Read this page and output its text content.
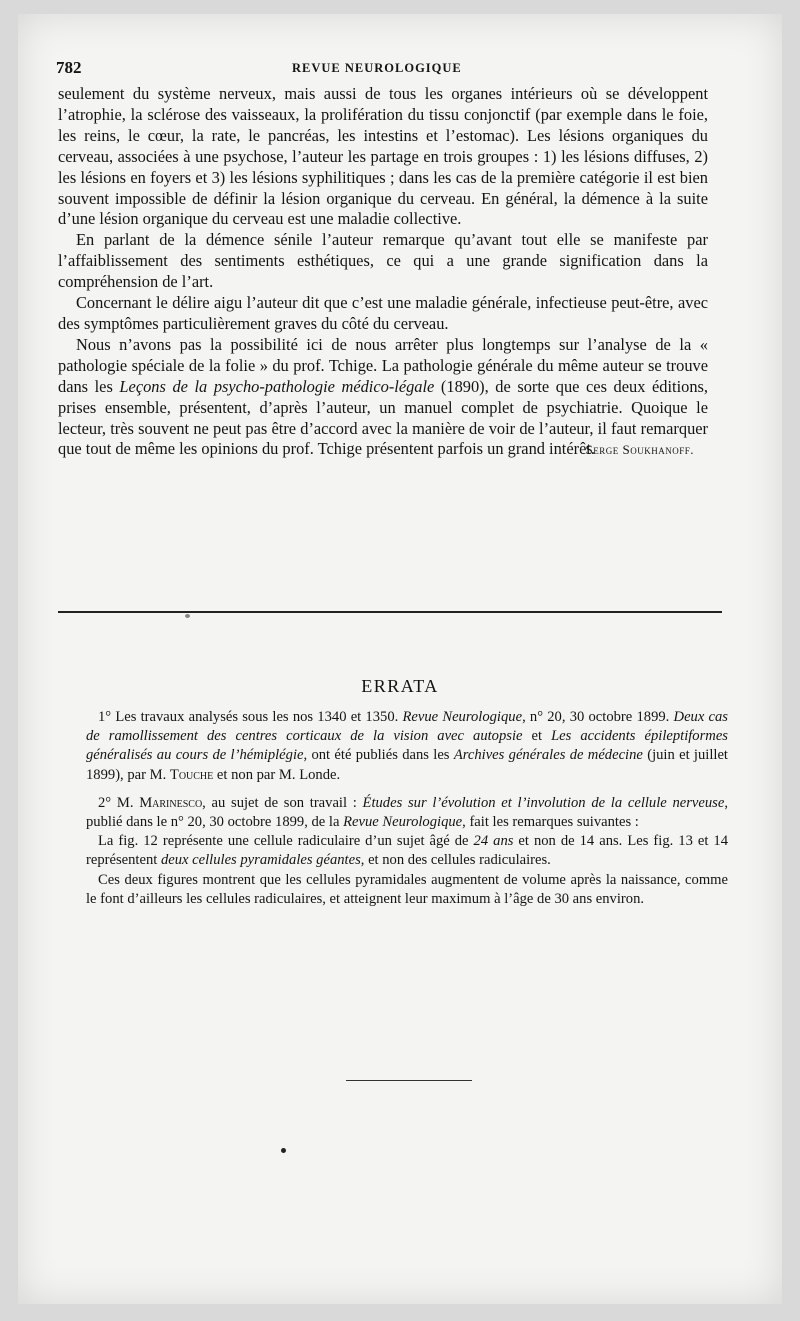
782	REVUE NEUROLOGIQUE

seulement du système nerveux, mais aussi de tous les organes intérieurs où se développent l’atrophie, la sclérose des vaisseaux, la prolifération du tissu conjonctif (par exemple dans le foie, les reins, le cœur, la rate, le pancréas, les intestins et l’estomac). Les lésions organiques du cerveau, associées à une psychose, l’auteur les partage en trois groupes : 1) les lésions diffuses, 2) les lésions en foyers et 3) les lésions syphilitiques ; dans les cas de la première catégorie il est bien souvent impossible de définir la lésion organique du cerveau. En général, la démence à la suite d’une lésion organique du cerveau est une maladie collective.

En parlant de la démence sénile l’auteur remarque qu’avant tout elle se manifeste par l’affaiblissement des sentiments esthétiques, ce qui a une grande signification dans la compréhension de l’art.

Concernant le délire aigu l’auteur dit que c’est une maladie générale, infectieuse peut-être, avec des symptômes particulièrement graves du côté du cerveau.

Nous n’avons pas la possibilité ici de nous arrêter plus longtemps sur l’analyse de la « pathologie spéciale de la folie » du prof. Tchige. La pathologie générale du même auteur se trouve dans les Leçons de la psycho-pathologie médico-légale (1890), de sorte que ces deux éditions, prises ensemble, présentent, d’après l’auteur, un manuel complet de psychiatrie. Quoique le lecteur, très souvent ne peut pas être d’accord avec la manière de voir de l’auteur, il faut remarquer que tout de même les opinions du prof. Tchige présentent parfois un grand intérêt.

Serge Soukhanoff.
ERRATA

1° Les travaux analysés sous les nos 1340 et 1350. Revue Neurologique, n° 20, 30 octobre 1899. Deux cas de ramollissement des centres corticaux de la vision avec autopsie et Les accidents épileptiformes généralisés au cours de l’hémiplégie, ont été publiés dans les Archives générales de médecine (juin et juillet 1899), par M. Touche et non par M. Londe.

2° M. Marinesco, au sujet de son travail : Études sur l’évolution et l’involution de la cellule nerveuse, publié dans le n° 20, 30 octobre 1899, de la Revue Neurologique, fait les remarques suivantes :

La fig. 12 représente une cellule radiculaire d’un sujet âgé de 24 ans et non de 14 ans. Les fig. 13 et 14 représentent deux cellules pyramidales géantes, et non des cellules radiculaires.

Ces deux figures montrent que les cellules pyramidales augmentent de volume après la naissance, comme le font d’ailleurs les cellules radiculaires, et atteignent leur maximum à l’âge de 30 ans environ.
